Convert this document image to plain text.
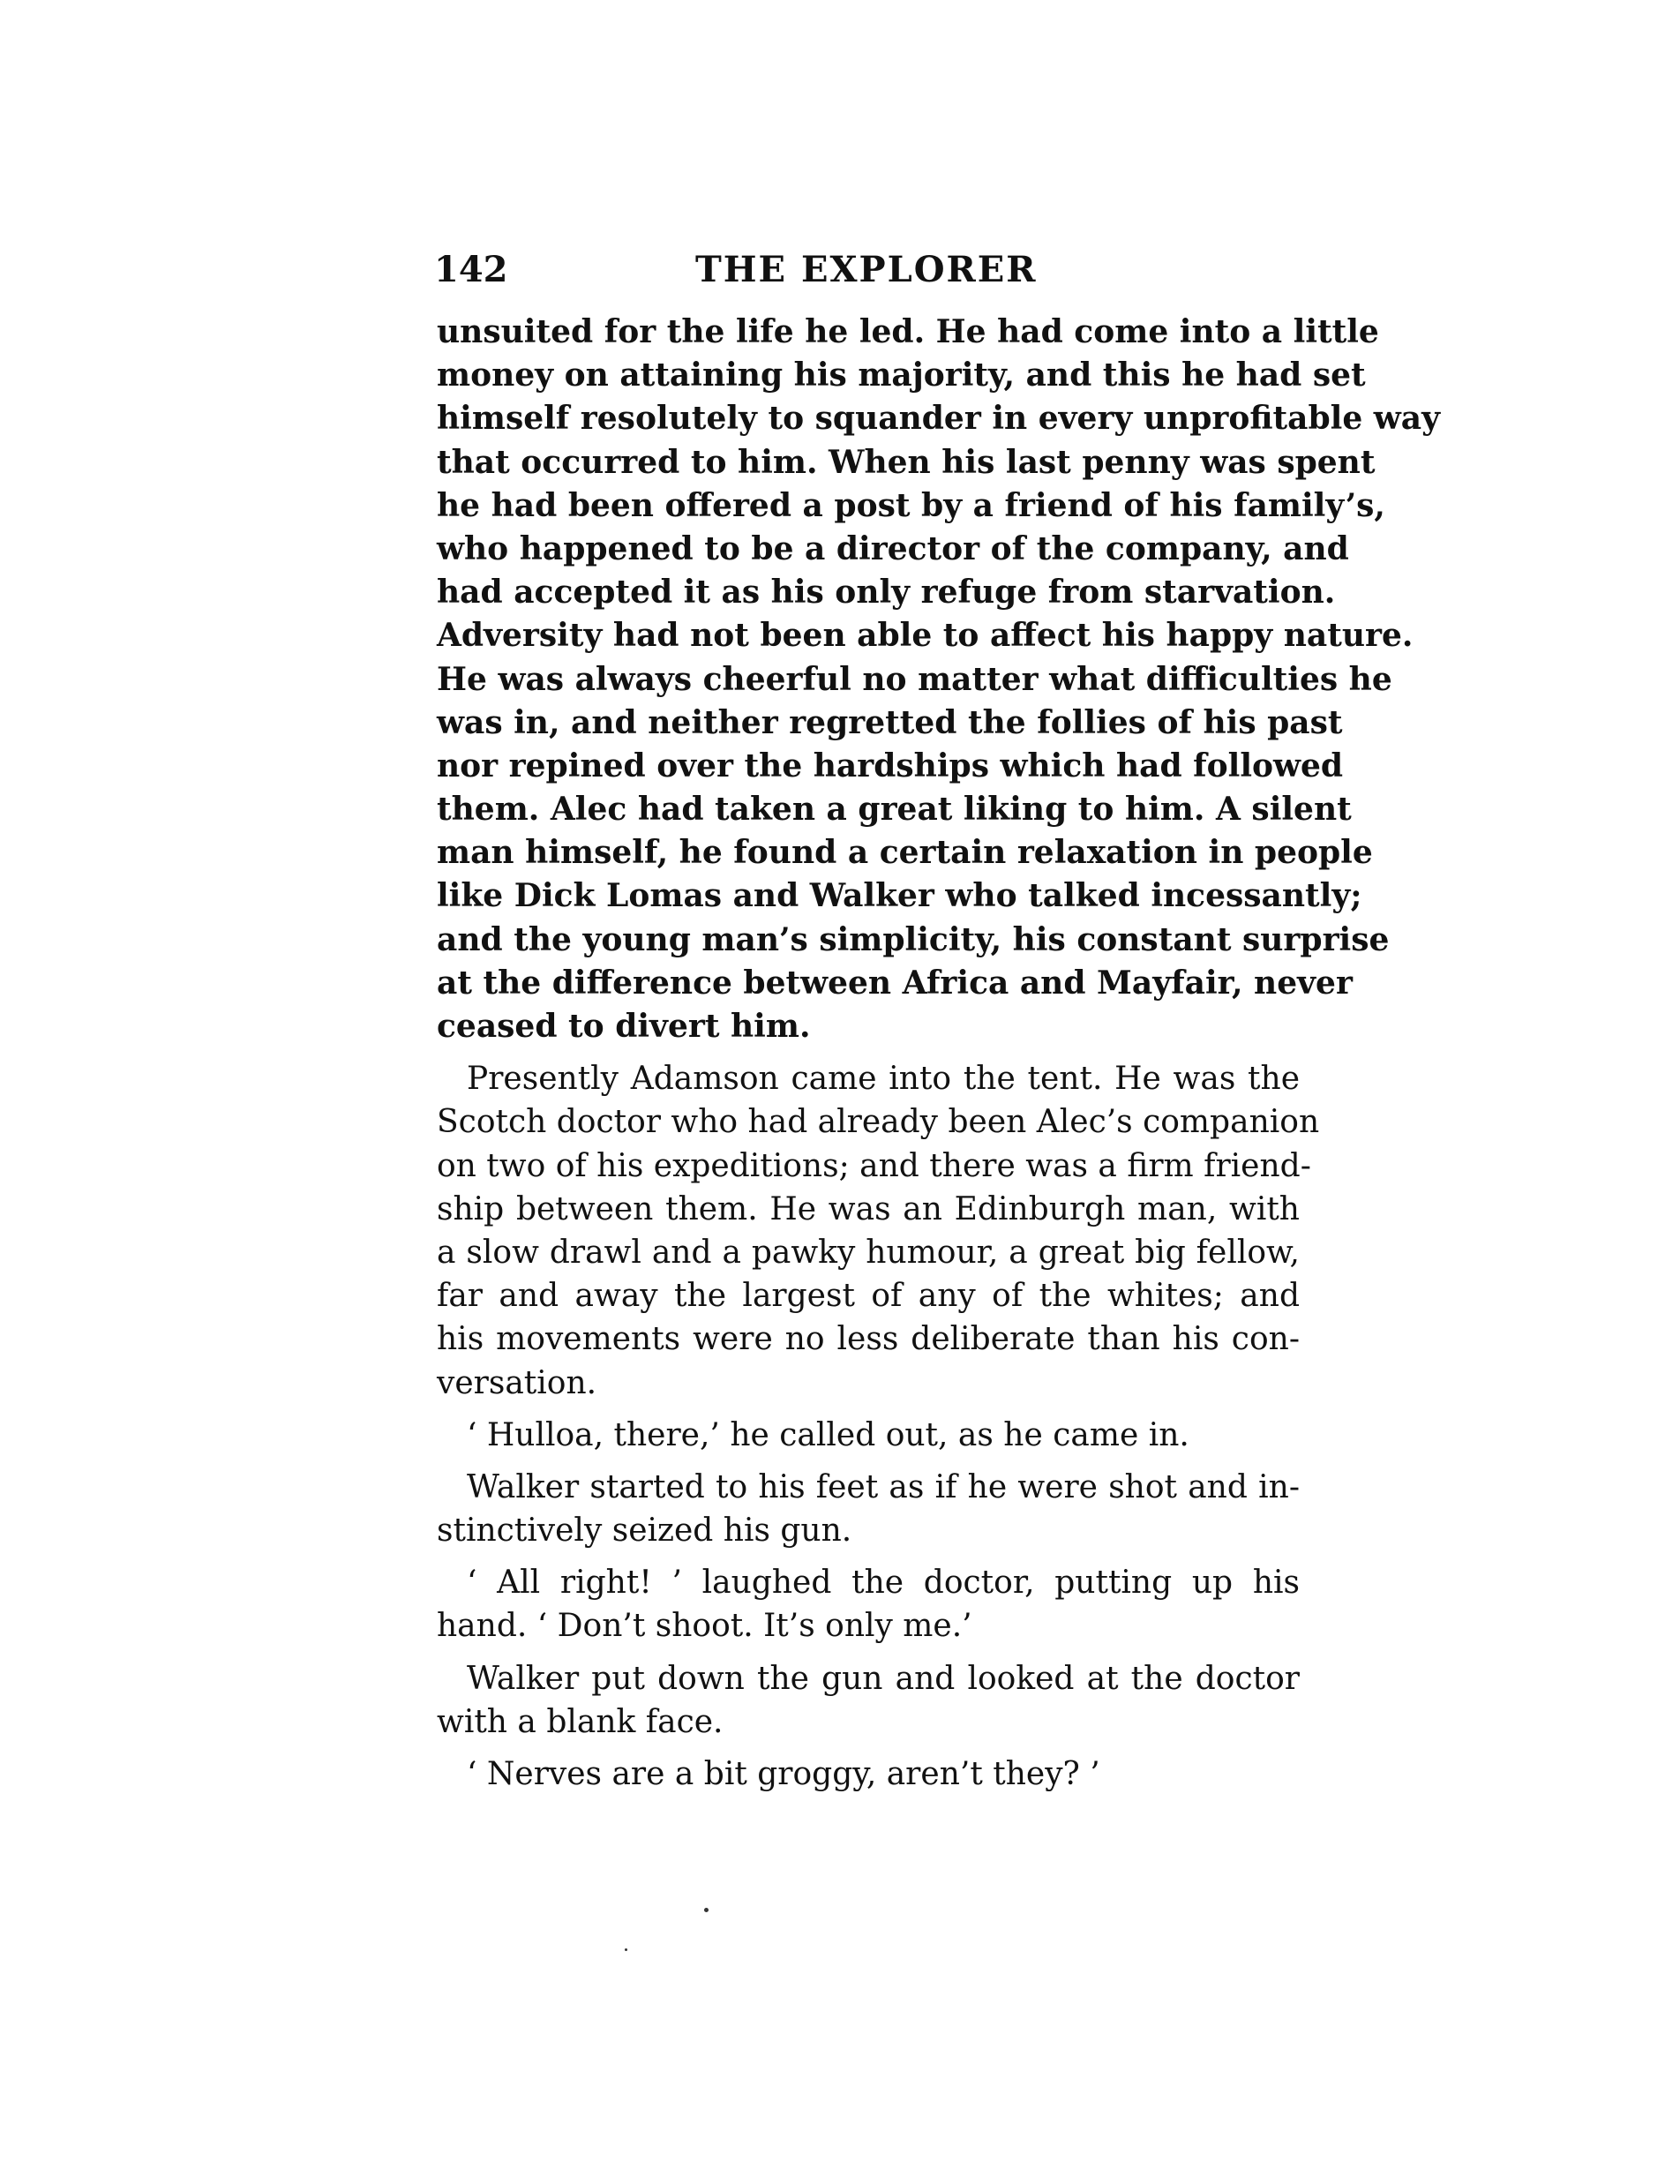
142	THE EXPLORER
unsuited for the life he led. He had come into a little
money on attaining his majority, and this he had set
himself resolutely to squander in every unprofitable way
that occurred to him. When his last penny was spent
he had been offered a post by a friend of his family’s,
who happened to be a director of the company, and
had accepted it as his only refuge from starvation.
Adversity had not been able to affect his happy nature.
He was always cheerful no matter what difficulties he
was in, and neither regretted the follies of his past
nor repined over the hardships which had followed
them. Alec had taken a great liking to him. A silent
man himself, he found a certain relaxation in people
like Dick Lomas and Walker who talked incessantly;
and the young man’s simplicity, his constant surprise
at the difference between Africa and Mayfair, never
ceased to divert him.
Presently Adamson came into the tent. He was the
Scotch doctor who had already been Alec’s companion
on two of his expeditions; and there was a firm friend-
ship between them. He was an Edinburgh man, with
a slow drawl and a pawky humour, a great big fellow,
far and away the largest of any of the whites; and
his movements were no less deliberate than his con-
versation.
‘ Hulloa, there,’ he called out, as he came in.
Walker started to his feet as if he were shot and in-
stinctively seized his gun.
‘ All right! ’ laughed the doctor, putting up his
hand. ‘ Don’t shoot. It’s only me.’
Walker put down the gun and looked at the doctor
with a blank face.
‘ Nerves are a bit groggy, aren’t they? ’
